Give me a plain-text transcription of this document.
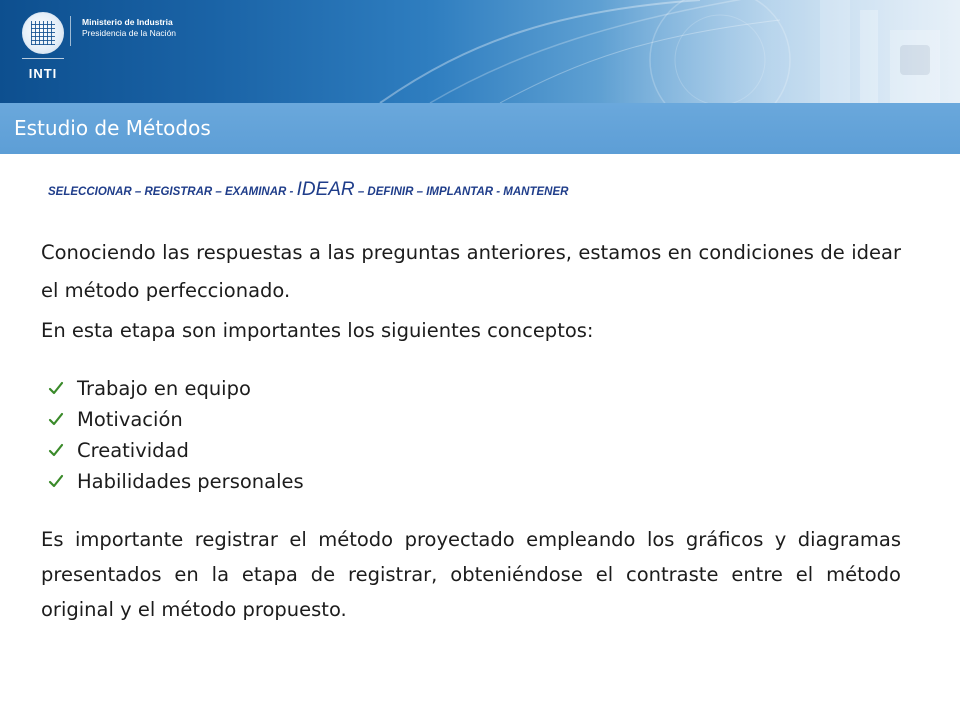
INTI
Ministerio de Industria
Presidencia de la Nación
Estudio de Métodos
SELECCIONAR – REGISTRAR – EXAMINAR - IDEAR – DEFINIR – IMPLANTAR - MANTENER

Conociendo las respuestas a las preguntas anteriores, estamos en condiciones de idear el método perfeccionado.

En esta etapa son importantes los siguientes conceptos:

Trabajo en equipo
Motivación
Creatividad
Habilidades personales

Es importante registrar el método proyectado empleando los gráficos y diagramas presentados en la etapa de registrar, obteniéndose el contraste entre el método original y el método propuesto.
